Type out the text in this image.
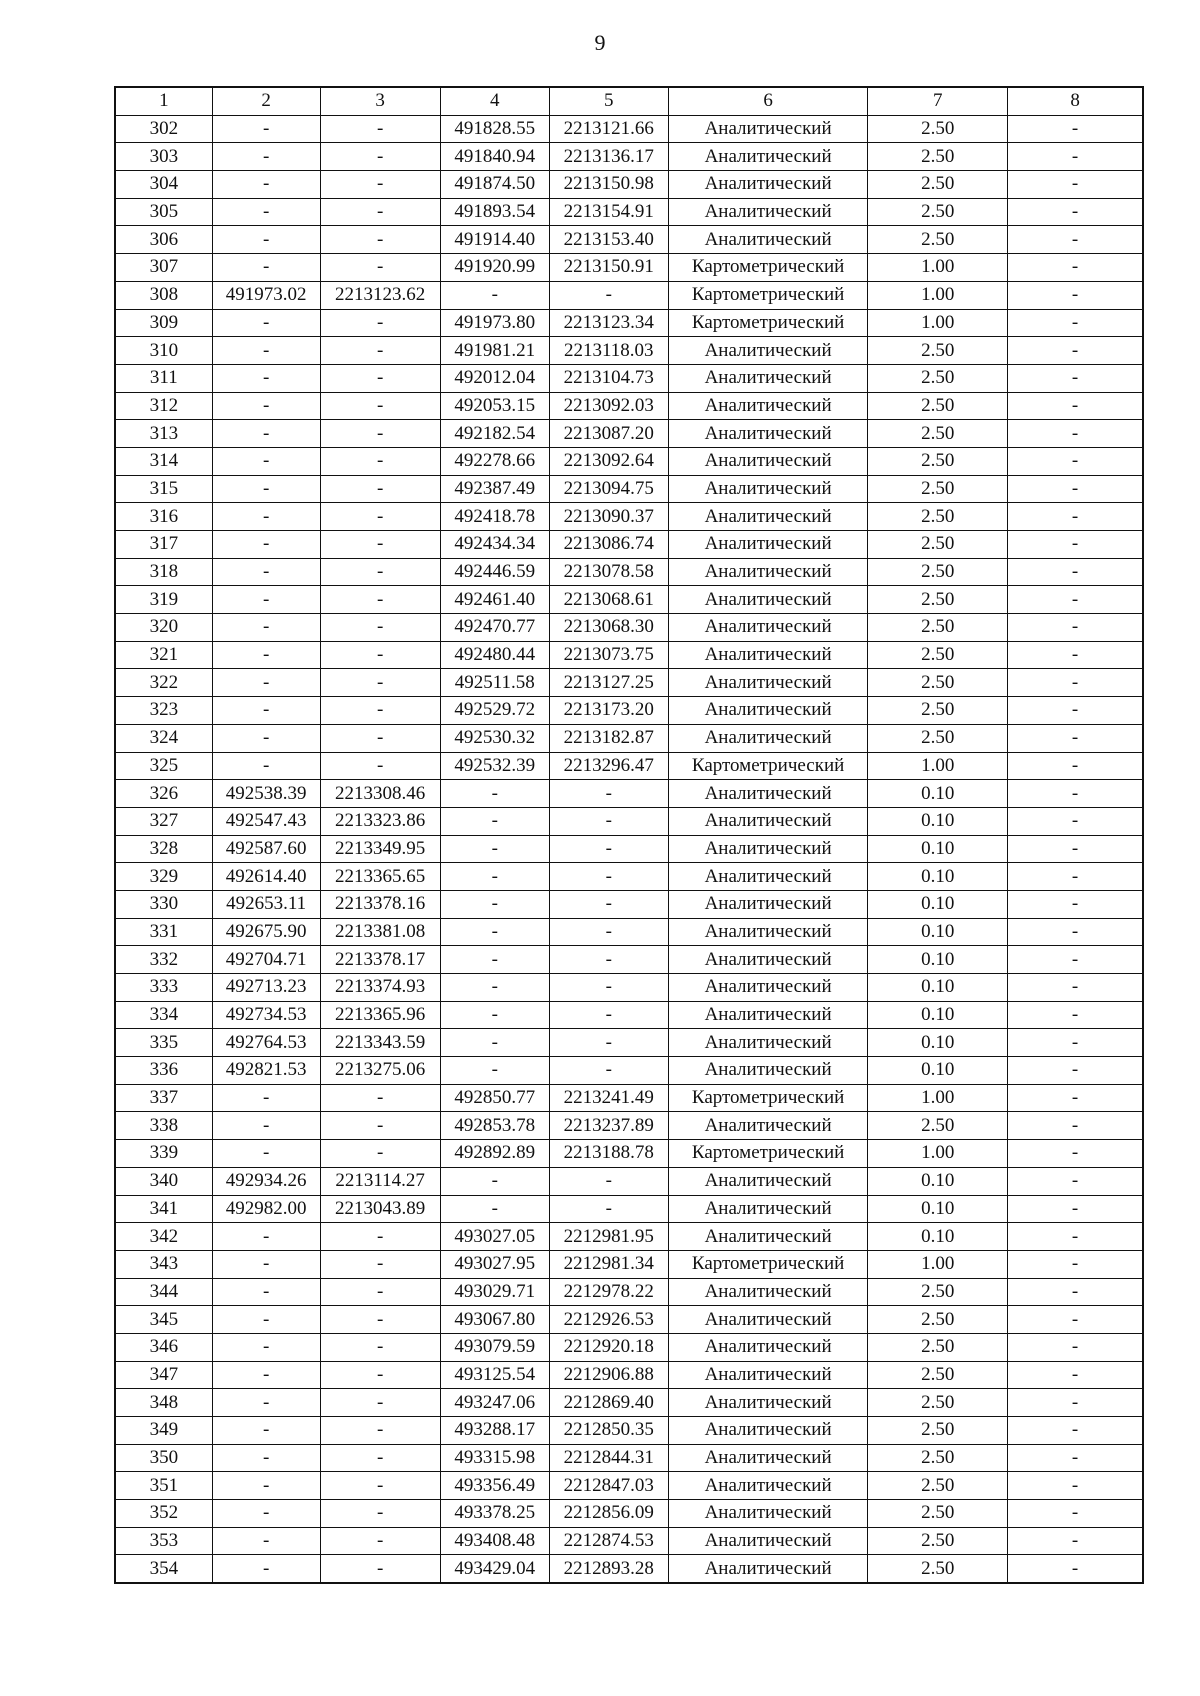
9
1	2	3	4	5	6	7	8
302	-	-	491828.55	2213121.66	Аналитический	2.50	-
303	-	-	491840.94	2213136.17	Аналитический	2.50	-
304	-	-	491874.50	2213150.98	Аналитический	2.50	-
305	-	-	491893.54	2213154.91	Аналитический	2.50	-
306	-	-	491914.40	2213153.40	Аналитический	2.50	-
307	-	-	491920.99	2213150.91	Картометрический	1.00	-
308	491973.02	2213123.62	-	-	Картометрический	1.00	-
309	-	-	491973.80	2213123.34	Картометрический	1.00	-
310	-	-	491981.21	2213118.03	Аналитический	2.50	-
311	-	-	492012.04	2213104.73	Аналитический	2.50	-
312	-	-	492053.15	2213092.03	Аналитический	2.50	-
313	-	-	492182.54	2213087.20	Аналитический	2.50	-
314	-	-	492278.66	2213092.64	Аналитический	2.50	-
315	-	-	492387.49	2213094.75	Аналитический	2.50	-
316	-	-	492418.78	2213090.37	Аналитический	2.50	-
317	-	-	492434.34	2213086.74	Аналитический	2.50	-
318	-	-	492446.59	2213078.58	Аналитический	2.50	-
319	-	-	492461.40	2213068.61	Аналитический	2.50	-
320	-	-	492470.77	2213068.30	Аналитический	2.50	-
321	-	-	492480.44	2213073.75	Аналитический	2.50	-
322	-	-	492511.58	2213127.25	Аналитический	2.50	-
323	-	-	492529.72	2213173.20	Аналитический	2.50	-
324	-	-	492530.32	2213182.87	Аналитический	2.50	-
325	-	-	492532.39	2213296.47	Картометрический	1.00	-
326	492538.39	2213308.46	-	-	Аналитический	0.10	-
327	492547.43	2213323.86	-	-	Аналитический	0.10	-
328	492587.60	2213349.95	-	-	Аналитический	0.10	-
329	492614.40	2213365.65	-	-	Аналитический	0.10	-
330	492653.11	2213378.16	-	-	Аналитический	0.10	-
331	492675.90	2213381.08	-	-	Аналитический	0.10	-
332	492704.71	2213378.17	-	-	Аналитический	0.10	-
333	492713.23	2213374.93	-	-	Аналитический	0.10	-
334	492734.53	2213365.96	-	-	Аналитический	0.10	-
335	492764.53	2213343.59	-	-	Аналитический	0.10	-
336	492821.53	2213275.06	-	-	Аналитический	0.10	-
337	-	-	492850.77	2213241.49	Картометрический	1.00	-
338	-	-	492853.78	2213237.89	Аналитический	2.50	-
339	-	-	492892.89	2213188.78	Картометрический	1.00	-
340	492934.26	2213114.27	-	-	Аналитический	0.10	-
341	492982.00	2213043.89	-	-	Аналитический	0.10	-
342	-	-	493027.05	2212981.95	Аналитический	0.10	-
343	-	-	493027.95	2212981.34	Картометрический	1.00	-
344	-	-	493029.71	2212978.22	Аналитический	2.50	-
345	-	-	493067.80	2212926.53	Аналитический	2.50	-
346	-	-	493079.59	2212920.18	Аналитический	2.50	-
347	-	-	493125.54	2212906.88	Аналитический	2.50	-
348	-	-	493247.06	2212869.40	Аналитический	2.50	-
349	-	-	493288.17	2212850.35	Аналитический	2.50	-
350	-	-	493315.98	2212844.31	Аналитический	2.50	-
351	-	-	493356.49	2212847.03	Аналитический	2.50	-
352	-	-	493378.25	2212856.09	Аналитический	2.50	-
353	-	-	493408.48	2212874.53	Аналитический	2.50	-
354	-	-	493429.04	2212893.28	Аналитический	2.50	-
